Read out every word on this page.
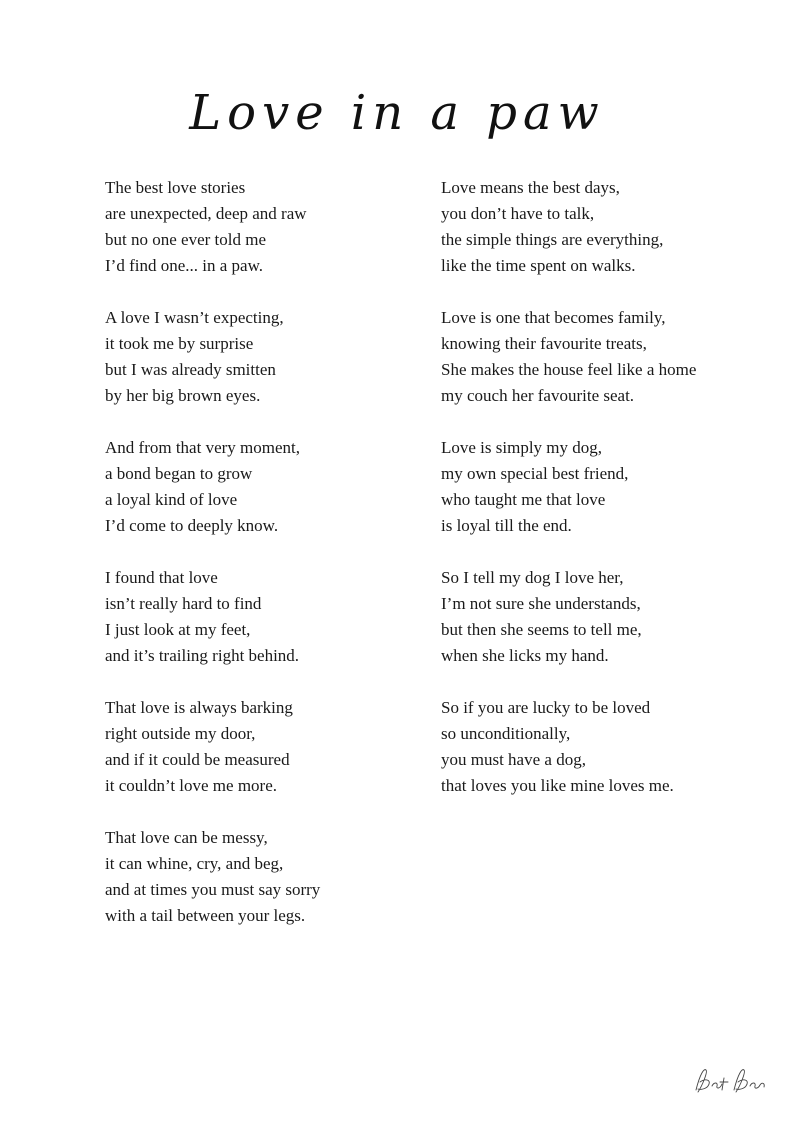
Love in a paw

The best love stories
are unexpected, deep and raw
but no one ever told me
I’d find one... in a paw.

A love I wasn’t expecting,
it took me by surprise
but I was already smitten
by her big brown eyes.

And from that very moment,
a bond began to grow
a loyal kind of love
I’d come to deeply know.

I found that love
isn’t really hard to find
I just look at my feet,
and it’s trailing right behind.

That love is always barking
right outside my door,
and if it could be measured
it couldn’t love me more.

That love can be messy,
it can whine, cry, and beg,
and at times you must say sorry
with a tail between your legs.

Love means the best days,
you don’t have to talk,
the simple things are everything,
like the time spent on walks.

Love is one that becomes family,
knowing their favourite treats,
She makes the house feel like a home
my couch her favourite seat.

Love is simply my dog,
my own special best friend,
who taught me that love
is loyal till the end.

So I tell my dog I love her,
I’m not sure she understands,
but then she seems to tell me,
when she licks my hand.

So if you are lucky to be loved
so unconditionally,
you must have a dog,
that loves you like mine loves me.
